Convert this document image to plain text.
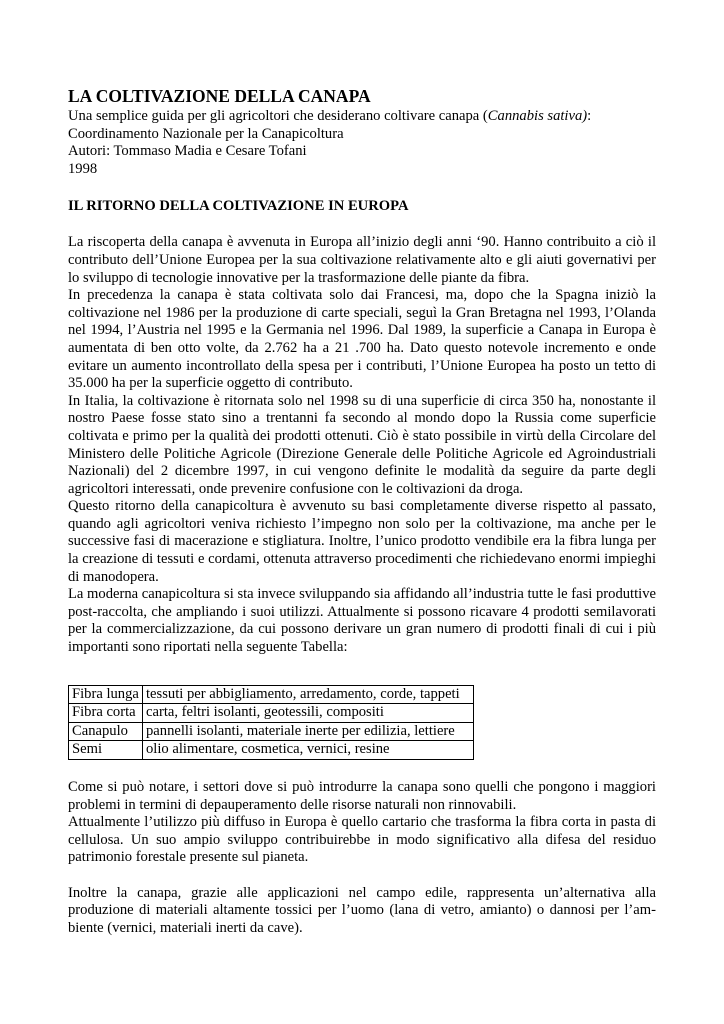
LA COLTIVAZIONE DELLA CANAPA
Una semplice guida per gli agricoltori che desiderano coltivare canapa (Cannabis sativa):
Coordinamento Nazionale per la Canapicoltura
Autori: Tommaso Madia e Cesare Tofani
1998
IL RITORNO DELLA COLTIVAZIONE IN EUROPA

La riscoperta della canapa è avvenuta in Europa all’inizio degli anni ‘90. Hanno contribuito a ciò il contributo dell’Unione Europea per la sua coltivazione relativamente alto e gli aiuti governativi per lo sviluppo di tecnologie innovative per la trasformazione delle piante da fibra.

In precedenza la canapa è stata coltivata solo dai Francesi, ma, dopo che la Spagna iniziò la coltivazione nel 1986 per la produzione di carte speciali, seguì la Gran Bretagna nel 1993, l’Olanda nel 1994, l’Austria nel 1995 e la Germania nel 1996. Dal 1989, la superficie a Canapa in Europa è aumentata di ben otto volte, da 2.762 ha a 21 .700 ha. Dato questo notevole incremento e onde evitare un aumento incontrollato della spesa per i contributi, l’Unione Europea ha posto un tetto di 35.000 ha per la superficie oggetto di contributo.

In Italia, la coltivazione è ritornata solo nel 1998 su di una superficie di circa 350 ha, nonostante il nostro Paese fosse stato sino a trentanni fa secondo al mondo dopo la Russia come superficie coltivata e primo per la qualità dei prodotti ottenuti. Ciò è stato possibile in virtù della Circolare del Ministero delle Politiche Agricole (Direzione Generale delle Politiche Agricole ed Agroindustriali Nazionali) del 2 dicembre 1997, in cui vengono definite le modalità da seguire da parte degli agricoltori interessati, onde prevenire confusione con le coltivazioni da droga.

Questo ritorno della canapicoltura è avvenuto su basi completamente diverse rispetto al passato, quando agli agricoltori veniva richiesto l’impegno non solo per la coltivazione, ma anche per le successive fasi di macerazione e stigliatura. Inoltre, l’unico prodotto vendibile era la fibra lunga per la creazione di tessuti e cordami, ottenuta attraverso procedimenti che richiedevano enormi impieghi di manodopera.

La moderna canapicoltura si sta invece sviluppando sia affidando all’industria tutte le fasi produttive post-raccolta, che ampliando i suoi utilizzi. Attualmente si possono ricavare 4 prodotti semilavorati per la commercializzazione, da cui possono derivare un gran numero di prodotti finali di cui i più importanti sono riportati nella seguente Tabella:

Fibra lunga	tessuti per abbigliamento, arredamento, corde, tappeti
Fibra corta	carta, feltri isolanti, geotessili, compositi
Canapulo	pannelli isolanti, materiale inerte per edilizia, lettiere
Semi	olio alimentare, cosmetica, vernici, resine

Come si può notare, i settori dove si può introdurre la canapa sono quelli che pongono i maggiori problemi in termini di depauperamento delle risorse naturali non rinnovabili.

Attualmente l’utilizzo più diffuso in Europa è quello cartario che trasforma la fibra corta in pasta di cellulosa. Un suo ampio sviluppo contribuirebbe in modo significativo alla difesa del residuo patrimonio forestale presente sul pianeta.

Inoltre la canapa, grazie alle applicazioni nel campo edile, rappresenta un’alternativa alla produzione di materiali altamente tossici per l’uomo (lana di vetro, amianto) o dannosi per l’ambiente (vernici, materiali inerti da cave).
